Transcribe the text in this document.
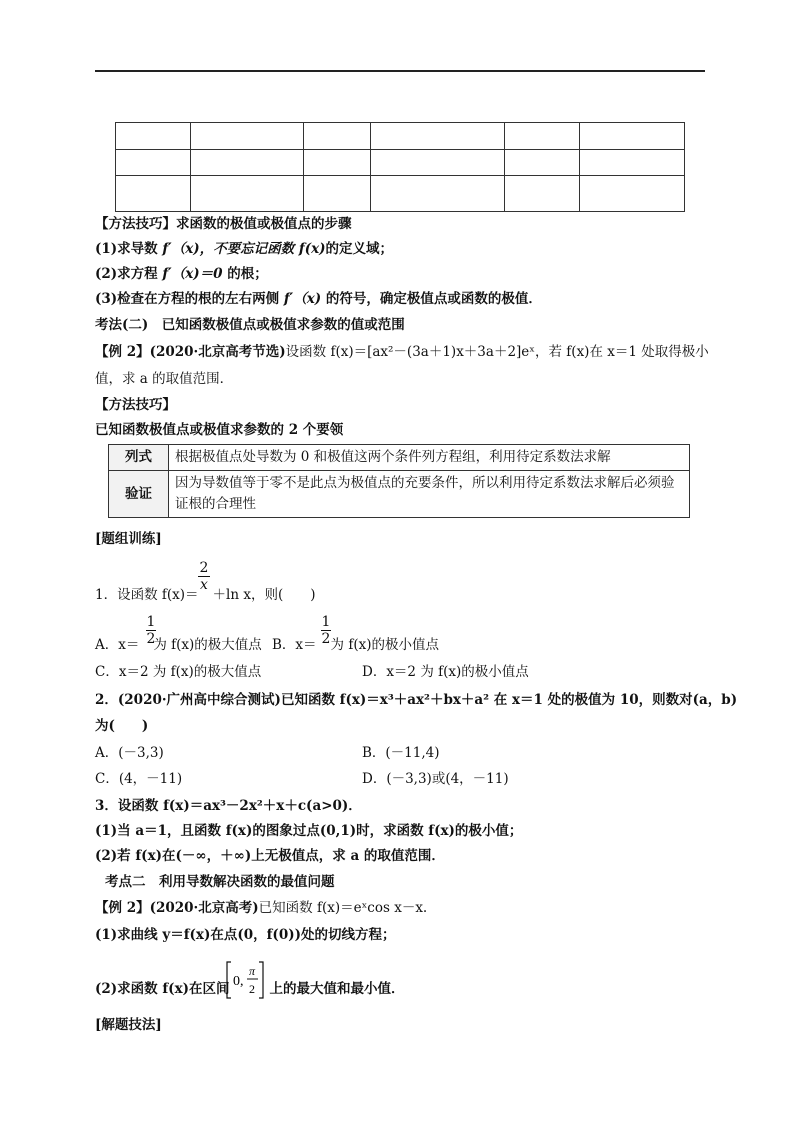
【方法技巧】求函数的极值或极值点的步骤
(1)求导数 f′（x)，不要忘记函数 f(x)的定义域；
(2)求方程 f′（x)＝0 的根；
(3)检查在方程的根的左右两侧 f′（x) 的符号，确定极值点或函数的极值．
考法(二)　已知函数极值点或极值求参数的值或范围
【例 2】(2020·北京高考节选)设函数 f(x)＝[ax²－(3a＋1)x＋3a＋2]eˣ，若 f(x)在 x＝1 处取得极小
值，求 a 的取值范围．
【方法技巧】
已知函数极值点或极值求参数的 2 个要领
列式	根据极值点处导数为 0 和极值这两个条件列方程组，利用待定系数法求解
验证	因为导数值等于零不是此点为极值点的充要条件，所以利用待定系数法求解后必须验证根的合理性
[题组训练]
2
x
1．设函数 f(x)＝ ＋ln x，则(　　)
1
2
1
2
A．x＝ 为 f(x)的极大值点 B．x＝ 为 f(x)的极小值点
C．x＝2 为 f(x)的极大值点	D．x＝2 为 f(x)的极小值点
2．(2020·广州高中综合测试)已知函数 f(x)＝x³＋ax²＋bx＋a² 在 x＝1 处的极值为 10，则数对(a，b)
为(　　)
A．(－3,3)	B．(－11,4)
C．(4，－11)	D．(－3,3)或(4，－11)
3．设函数 f(x)＝ax³－2x²＋x＋c(a>0)．
(1)当 a＝1，且函数 f(x)的图象过点(0,1)时，求函数 f(x)的极小值；
(2)若 f(x)在(－∞，＋∞)上无极值点，求 a 的取值范围．
考点二　利用导数解决函数的最值问题
【例 2】(2020·北京高考)已知函数 f(x)＝eˣcos x－x.
(1)求曲线 y＝f(x)在点(0，f(0))处的切线方程；
0,
π
2
(2)求函数 f(x)在区间	上的最大值和最小值．
[解题技法]
